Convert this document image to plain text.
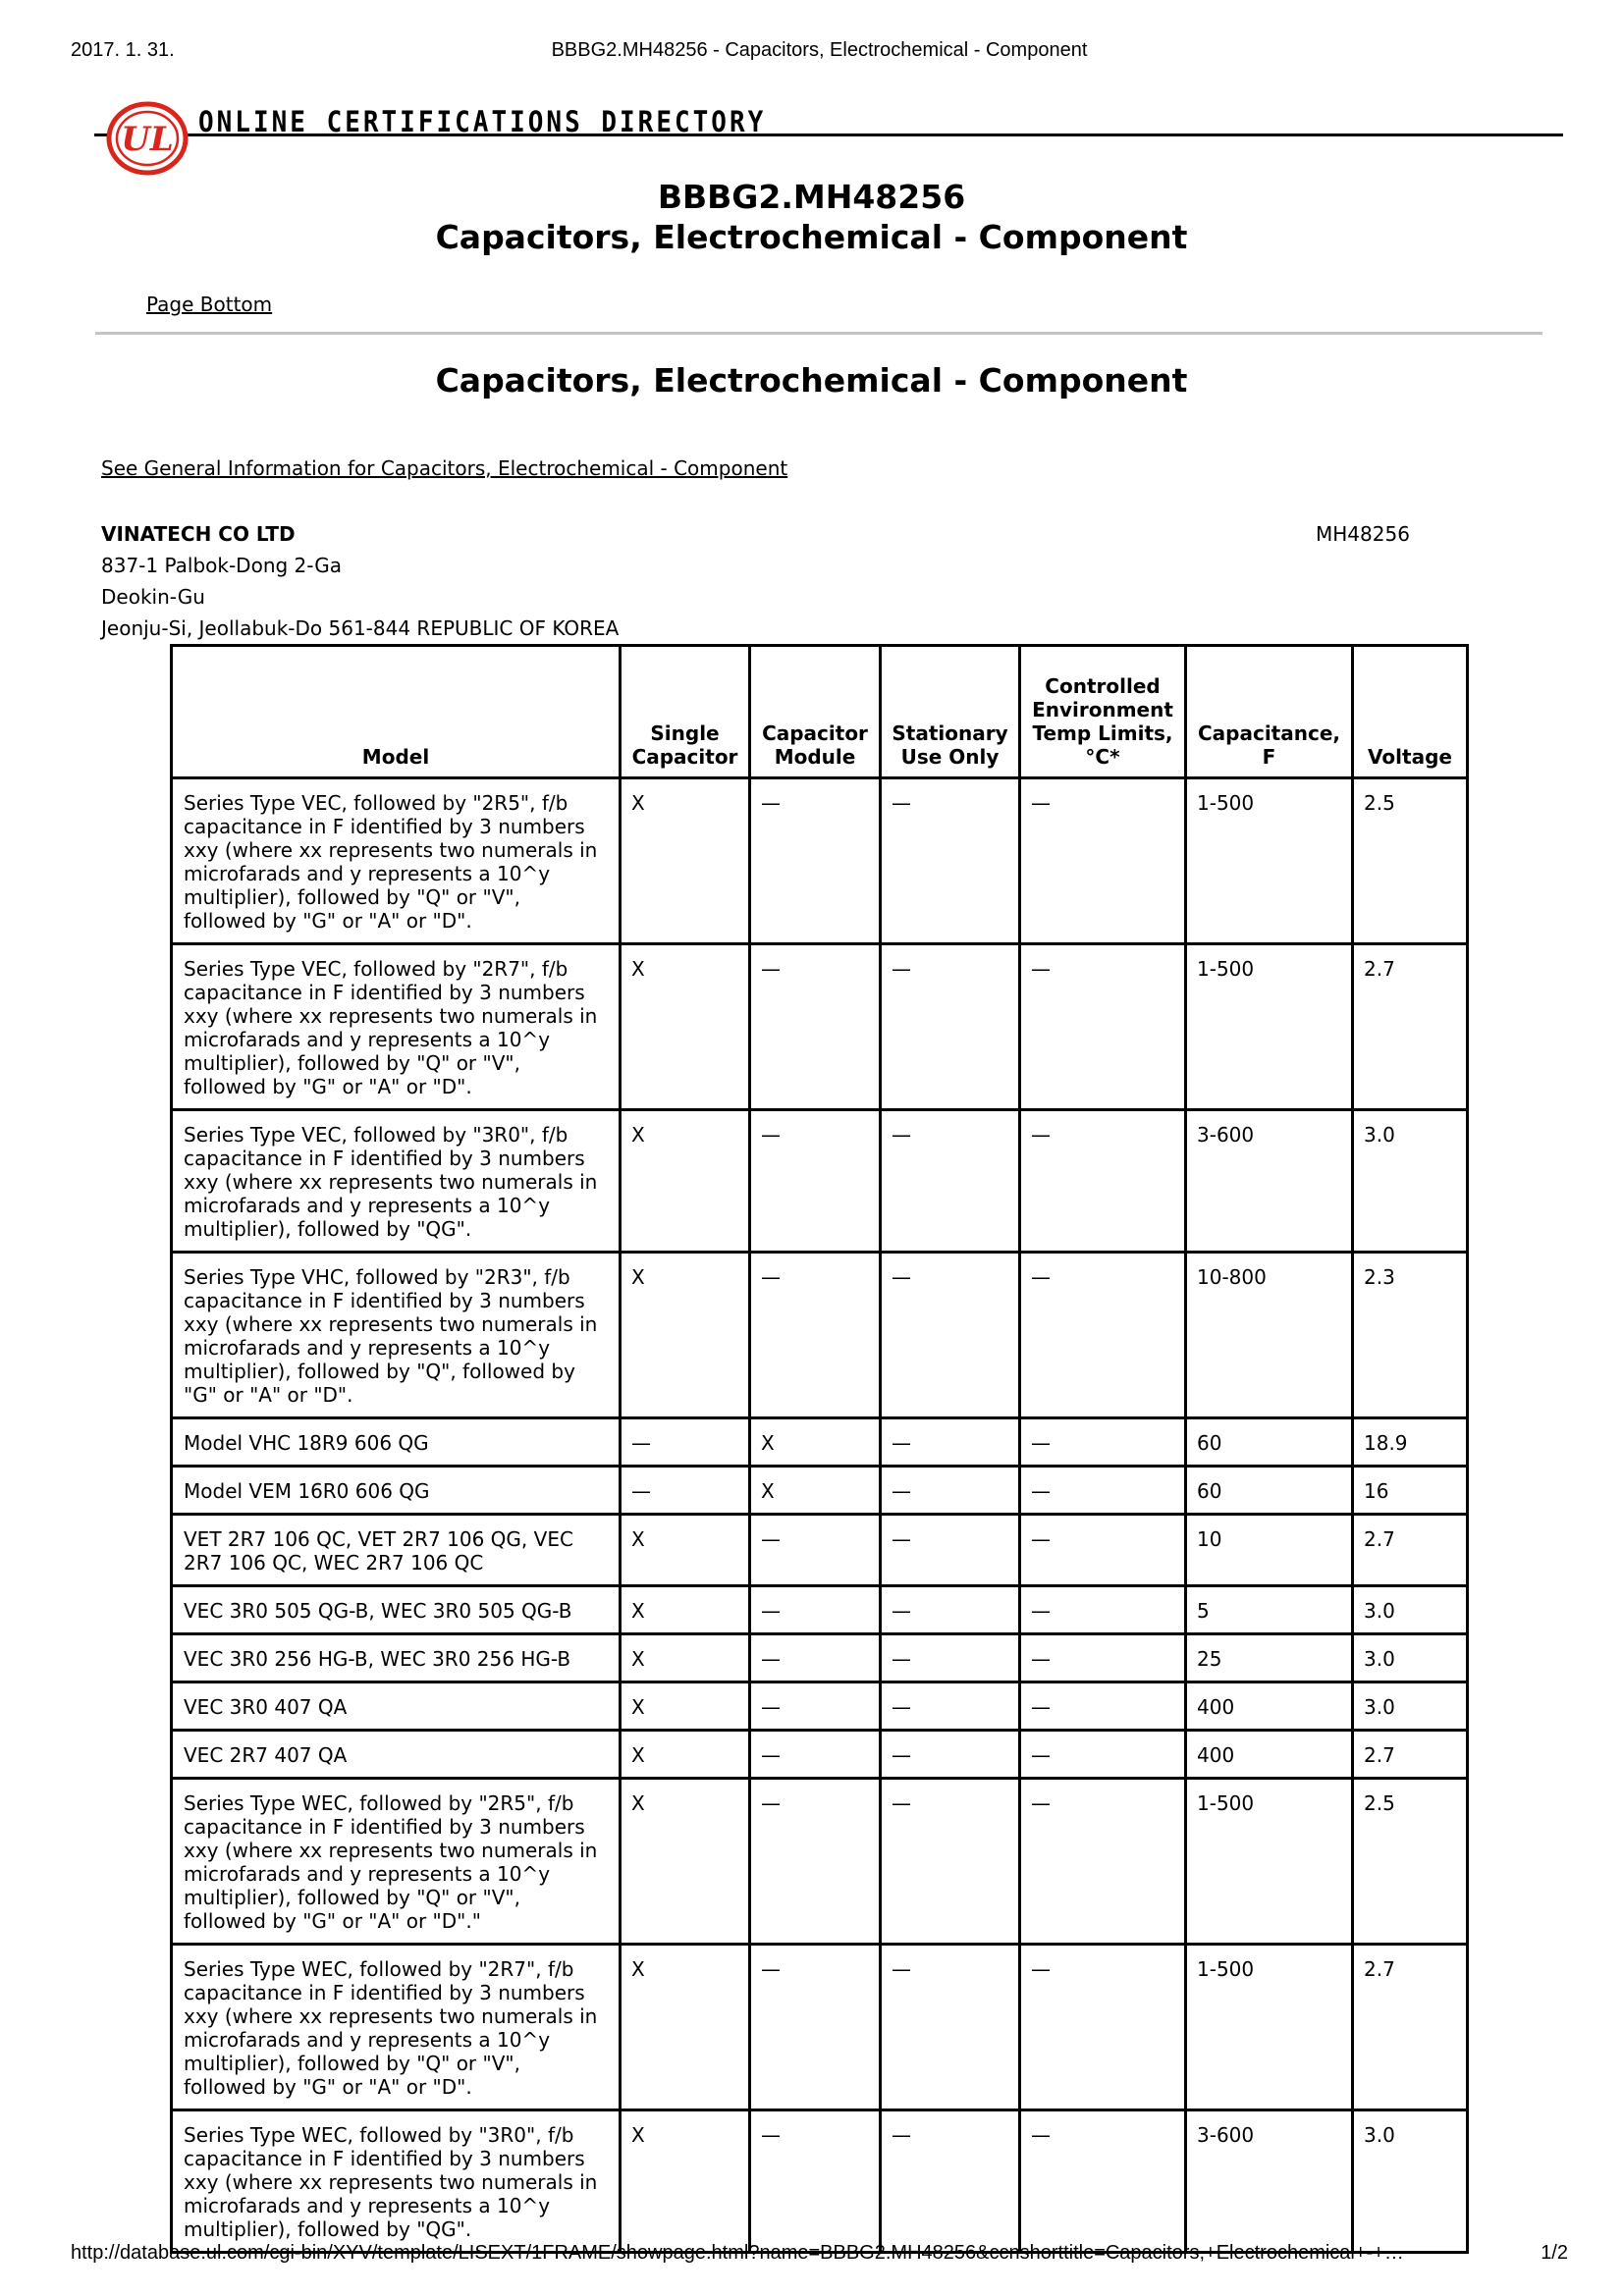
2017. 1. 31.	BBBG2.MH48256 - Capacitors, Electrochemical - Component
UL ONLINE CERTIFICATIONS DIRECTORY
BBBG2.MH48256
Capacitors, Electrochemical - Component
Page Bottom
Capacitors, Electrochemical - Component
See General Information for Capacitors, Electrochemical - Component
VINATECH CO LTD
837-1 Palbok-Dong 2-Ga
Deokin-Gu
Jeonju-Si, Jeollabuk-Do 561-844 REPUBLIC OF KOREA
MH48256
Model	Single Capacitor	Capacitor Module	Stationary Use Only	Controlled Environment Temp Limits, °C*	Capacitance, F	Voltage
Series Type VEC, followed by "2R5", f/b capacitance in F identified by 3 numbers xxy (where xx represents two numerals in microfarads and y represents a 10^y multiplier), followed by "Q" or "V", followed by "G" or "A" or "D".	X	—	—	—	1-500	2.5
Series Type VEC, followed by "2R7", f/b capacitance in F identified by 3 numbers xxy (where xx represents two numerals in microfarads and y represents a 10^y multiplier), followed by "Q" or "V", followed by "G" or "A" or "D".	X	—	—	—	1-500	2.7
Series Type VEC, followed by "3R0", f/b capacitance in F identified by 3 numbers xxy (where xx represents two numerals in microfarads and y represents a 10^y multiplier), followed by "QG".	X	—	—	—	3-600	3.0
Series Type VHC, followed by "2R3", f/b capacitance in F identified by 3 numbers xxy (where xx represents two numerals in microfarads and y represents a 10^y multiplier), followed by "Q", followed by "G" or "A" or "D".	X	—	—	—	10-800	2.3
Model VHC 18R9 606 QG	—	X	—	—	60	18.9
Model VEM 16R0 606 QG	—	X	—	—	60	16
VET 2R7 106 QC, VET 2R7 106 QG, VEC 2R7 106 QC, WEC 2R7 106 QC	X	—	—	—	10	2.7
VEC 3R0 505 QG-B, WEC 3R0 505 QG-B	X	—	—	—	5	3.0
VEC 3R0 256 HG-B, WEC 3R0 256 HG-B	X	—	—	—	25	3.0
VEC 3R0 407 QA	X	—	—	—	400	3.0
VEC 2R7 407 QA	X	—	—	—	400	2.7
Series Type WEC, followed by "2R5", f/b capacitance in F identified by 3 numbers xxy (where xx represents two numerals in microfarads and y represents a 10^y multiplier), followed by "Q" or "V", followed by "G" or "A" or "D"."	X	—	—	—	1-500	2.5
Series Type WEC, followed by "2R7", f/b capacitance in F identified by 3 numbers xxy (where xx represents two numerals in microfarads and y represents a 10^y multiplier), followed by "Q" or "V", followed by "G" or "A" or "D".	X	—	—	—	1-500	2.7
Series Type WEC, followed by "3R0", f/b capacitance in F identified by 3 numbers xxy (where xx represents two numerals in microfarads and y represents a 10^y multiplier), followed by "QG".	X	—	—	—	3-600	3.0
http://database.ul.com/cgi-bin/XYV/template/LISEXT/1FRAME/showpage.html?name=BBBG2.MH48256&ccnshorttitle=Capacitors,+Electrochemical+-+…	1/2
